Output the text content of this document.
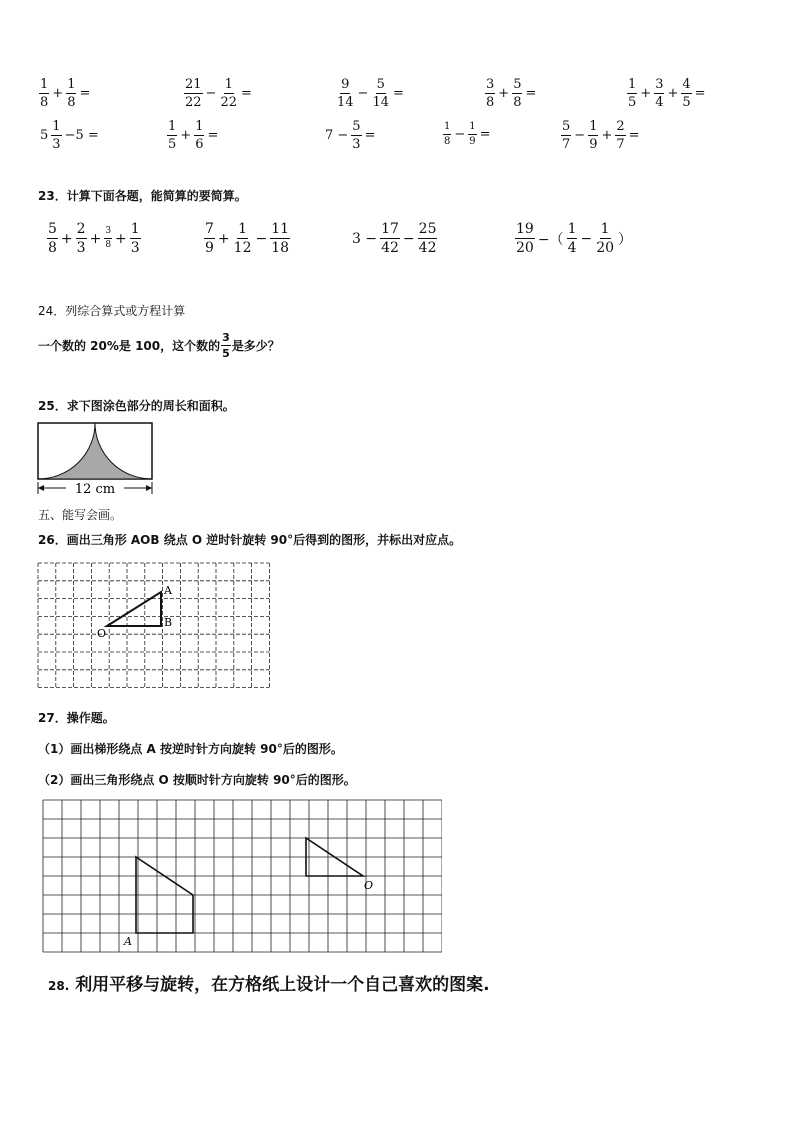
$\frac{1}{8} + \frac{1}{8}$ =	$\frac{21}{22} - \frac{1}{22}$ =	$\frac{9}{14} - \frac{5}{14}$ =	$\frac{3}{8} + \frac{5}{8}$ =	$\frac{1}{5} + \frac{3}{4} + \frac{4}{5}$ =
$5 \frac{1}{3} -5$ =	$\frac{1}{5} + \frac{1}{6}$ =	$7 - \frac{5}{3}$ =	$\frac{1}{8} - \frac{1}{9}$ =	$\frac{5}{7} - \frac{1}{9} + \frac{2}{7}$ =
23．计算下面各题，能简算的要简算。
$\frac{5}{8} + \frac{2}{3} + \frac{3}{8} + \frac{1}{3}$	$\frac{7}{9} + \frac{1}{12} - \frac{11}{18}$	$3 - \frac{17}{42} - \frac{25}{42}$	$\frac{19}{20}$ −（ $\frac{1}{4} - \frac{1}{20}$ ）
24．列综合算式或方程计算
一个数的 20%是 100，这个数的 $\frac{3}{5}$ 是多少？
25．求下图涂色部分的周长和面积。
12 cm
五、能写会画。
26．画出三角形 AOB 绕点 O 逆时针旋转 90°后得到的图形，并标出对应点。
A
B
O
27．操作题。
（1）画出梯形绕点 A 按逆时针方向旋转 90°后的图形。
（2）画出三角形绕点 O 按顺时针方向旋转 90°后的图形。
A
O
28. 利用平移与旋转，在方格纸上设计一个自己喜欢的图案.
